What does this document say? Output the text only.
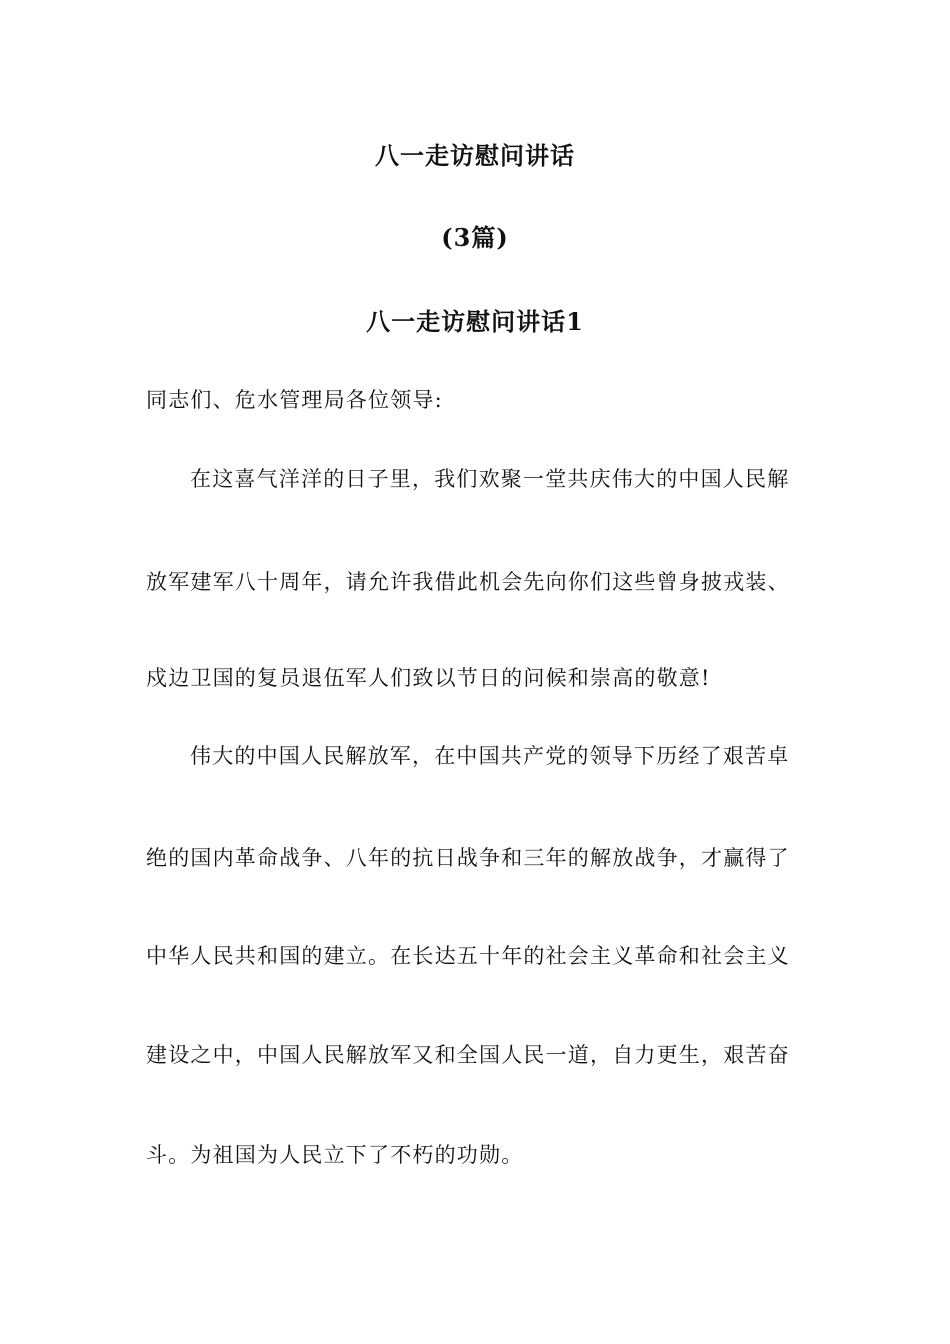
八一走访慰问讲话
(3篇)
八一走访慰问讲话1
同志们、危水管理局各位领导:
在这喜气洋洋的日子里，我们欢聚一堂共庆伟大的中国人民解
放军建军八十周年，请允许我借此机会先向你们这些曾身披戎装、
戍边卫国的复员退伍军人们致以节日的问候和崇高的敬意!
伟大的中国人民解放军，在中国共产党的领导下历经了艰苦卓
绝的国内革命战争、八年的抗日战争和三年的解放战争，才赢得了
中华人民共和国的建立。在长达五十年的社会主义革命和社会主义
建设之中，中国人民解放军又和全国人民一道，自力更生，艰苦奋
斗。为祖国为人民立下了不朽的功勋。
